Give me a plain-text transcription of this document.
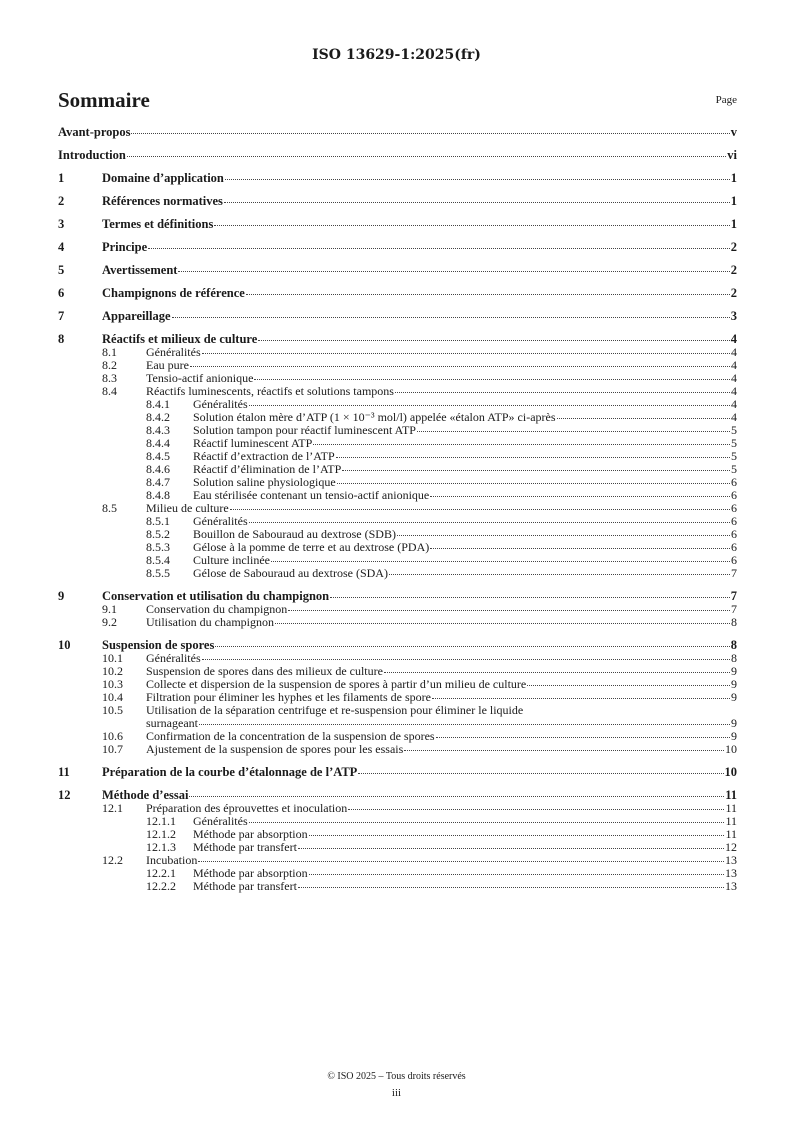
ISO 13629-1:2025(fr)
Sommaire	Page
Avant-propos	v
Introduction	vi
1	Domaine d’application	1
2	Références normatives	1
3	Termes et définitions	1
4	Principe	2
5	Avertissement	2
6	Champignons de référence	2
7	Appareillage	3
8	Réactifs et milieux de culture	4
8.1	Généralités	4
8.2	Eau pure	4
8.3	Tensio-actif anionique	4
8.4	Réactifs luminescents, réactifs et solutions tampons	4
8.4.1	Généralités	4
8.4.2	Solution étalon mère d’ATP (1 × 10⁻³ mol/l) appelée «étalon ATP» ci-après	4
8.4.3	Solution tampon pour réactif luminescent ATP	5
8.4.4	Réactif luminescent ATP	5
8.4.5	Réactif d’extraction de l’ATP	5
8.4.6	Réactif d’élimination de l’ATP	5
8.4.7	Solution saline physiologique	6
8.4.8	Eau stérilisée contenant un tensio-actif anionique	6
8.5	Milieu de culture	6
8.5.1	Généralités	6
8.5.2	Bouillon de Sabouraud au dextrose (SDB)	6
8.5.3	Gélose à la pomme de terre et au dextrose (PDA)	6
8.5.4	Culture inclinée	6
8.5.5	Gélose de Sabouraud au dextrose (SDA)	7
9	Conservation et utilisation du champignon	7
9.1	Conservation du champignon	7
9.2	Utilisation du champignon	8
10	Suspension de spores	8
10.1	Généralités	8
10.2	Suspension de spores dans des milieux de culture	9
10.3	Collecte et dispersion de la suspension de spores à partir d’un milieu de culture	9
10.4	Filtration pour éliminer les hyphes et les filaments de spore	9
10.5	Utilisation de la séparation centrifuge et re-suspension pour éliminer le liquide
surnageant	9
10.6	Confirmation de la concentration de la suspension de spores	9
10.7	Ajustement de la suspension de spores pour les essais	10
11	Préparation de la courbe d’étalonnage de l’ATP	10
12	Méthode d’essai	11
12.1	Préparation des éprouvettes et inoculation	11
12.1.1	Généralités	11
12.1.2	Méthode par absorption	11
12.1.3	Méthode par transfert	12
12.2	Incubation	13
12.2.1	Méthode par absorption	13
12.2.2	Méthode par transfert	13
© ISO 2025 – Tous droits réservés
iii
